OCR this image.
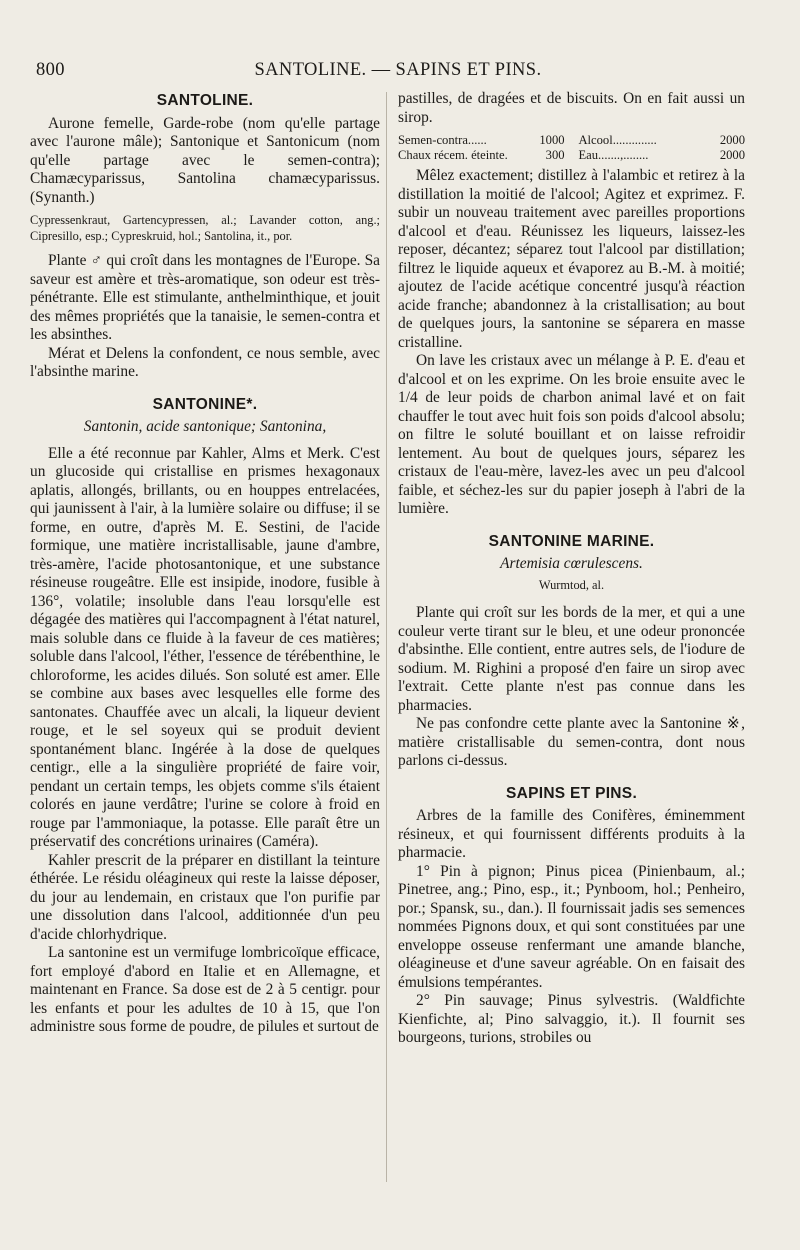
800	SANTOLINE. — SAPINS ET PINS.
SANTOLINE.

Aurone femelle, Garde-robe (nom qu'elle partage avec l'aurone mâle); Santonique et Santonicum (nom qu'elle partage avec le semen-contra); Chamæcyparissus, Santolina chamæcyparissus. (Synanth.)

Cypressenkraut, Gartencypressen, al.; Lavander cotton, ang.; Cipresillo, esp.; Cypreskruid, hol.; Santolina, it., por.

Plante ♂ qui croît dans les montagnes de l'Europe. Sa saveur est amère et très-aromatique, son odeur est très-pénétrante. Elle est stimulante, anthelminthique, et jouit des mêmes propriétés que la tanaisie, le semen-contra et les absinthes.

Mérat et Delens la confondent, ce nous semble, avec l'absinthe marine.

SANTONINE*.

Santonin, acide santonique; Santonina,

Elle a été reconnue par Kahler, Alms et Merk. C'est un glucoside qui cristallise en prismes hexagonaux aplatis, allongés, brillants, ou en houppes entrelacées, qui jaunissent à l'air, à la lumière solaire ou diffuse; il se forme, en outre, d'après M. E. Sestini, de l'acide formique, une matière incristallisable, jaune d'ambre, très-amère, l'acide photosantonique, et une substance résineuse rougeâtre. Elle est insipide, inodore, fusible à 136°, volatile; insoluble dans l'eau lorsqu'elle est dégagée des matières qui l'accompagnent à l'état naturel, mais soluble dans ce fluide à la faveur de ces matières; soluble dans l'alcool, l'éther, l'essence de térébenthine, le chloroforme, les acides dilués. Son soluté est amer. Elle se combine aux bases avec lesquelles elle forme des santonates. Chauffée avec un alcali, la liqueur devient rouge, et le sel soyeux qui se produit devient spontanément blanc. Ingérée à la dose de quelques centigr., elle a la singulière propriété de faire voir, pendant un certain temps, les objets comme s'ils étaient colorés en jaune verdâtre; l'urine se colore à froid en rouge par l'ammoniaque, la potasse. Elle paraît être un préservatif des concrétions urinaires (Caméra).

Kahler prescrit de la préparer en distillant la teinture éthérée. Le résidu oléagineux qui reste la laisse déposer, du jour au lendemain, en cristaux que l'on purifie par une dissolution dans l'alcool, additionnée d'un peu d'acide chlorhydrique.

La santonine est un vermifuge lombricoïque efficace, fort employé d'abord en Italie et en Allemagne, et maintenant en France. Sa dose est de 2 à 5 centigr. pour les enfants et pour les adultes de 10 à 15, que l'on administre sous forme de poudre, de pilules et surtout de

pastilles, de dragées et de biscuits. On en fait aussi un sirop.

Semen-contra......	1000 Alcool..............	2000
Chaux récem. éteinte.	300 Eau.......,........	2000

Mêlez exactement; distillez à l'alambic et retirez à la distillation la moitié de l'alcool; Agitez et exprimez. F. subir un nouveau traitement avec pareilles proportions d'alcool et d'eau. Réunissez les liqueurs, laissez-les reposer, décantez; séparez tout l'alcool par distillation; filtrez le liquide aqueux et évaporez au B.-M. à moitié; ajoutez de l'acide acétique concentré jusqu'à réaction acide franche; abandonnez à la cristallisation; au bout de quelques jours, la santonine se séparera en masse cristalline.

On lave les cristaux avec un mélange à P. E. d'eau et d'alcool et on les exprime. On les broie ensuite avec le 1/4 de leur poids de charbon animal lavé et on fait chauffer le tout avec huit fois son poids d'alcool absolu; on filtre le soluté bouillant et on laisse refroidir lentement. Au bout de quelques jours, séparez les cristaux de l'eau-mère, lavez-les avec un peu d'alcool faible, et séchez-les sur du papier joseph à l'abri de la lumière.

SANTONINE MARINE.

Artemisia cœrulescens.

Wurmtod, al.

Plante qui croît sur les bords de la mer, et qui a une couleur verte tirant sur le bleu, et une odeur prononcée d'absinthe. Elle contient, entre autres sels, de l'iodure de sodium. M. Righini a proposé d'en faire un sirop avec l'extrait. Cette plante n'est pas connue dans les pharmacies.

Ne pas confondre cette plante avec la Santonine ※, matière cristallisable du semen-contra, dont nous parlons ci-dessus.

SAPINS ET PINS.

Arbres de la famille des Conifères, éminemment résineux, et qui fournissent différents produits à la pharmacie.

1° Pin à pignon; Pinus picea (Pinienbaum, al.; Pinetree, ang.; Pino, esp., it.; Pynboom, hol.; Penheiro, por.; Spansk, su., dan.). Il fournissait jadis ses semences nommées Pignons doux, et qui sont constituées par une enveloppe osseuse renfermant une amande blanche, oléagineuse et d'une saveur agréable. On en faisait des émulsions tempérantes.

2° Pin sauvage; Pinus sylvestris. (Waldfichte Kienfichte, al; Pino salvaggio, it.). Il fournit ses bourgeons, turions, strobiles ou
